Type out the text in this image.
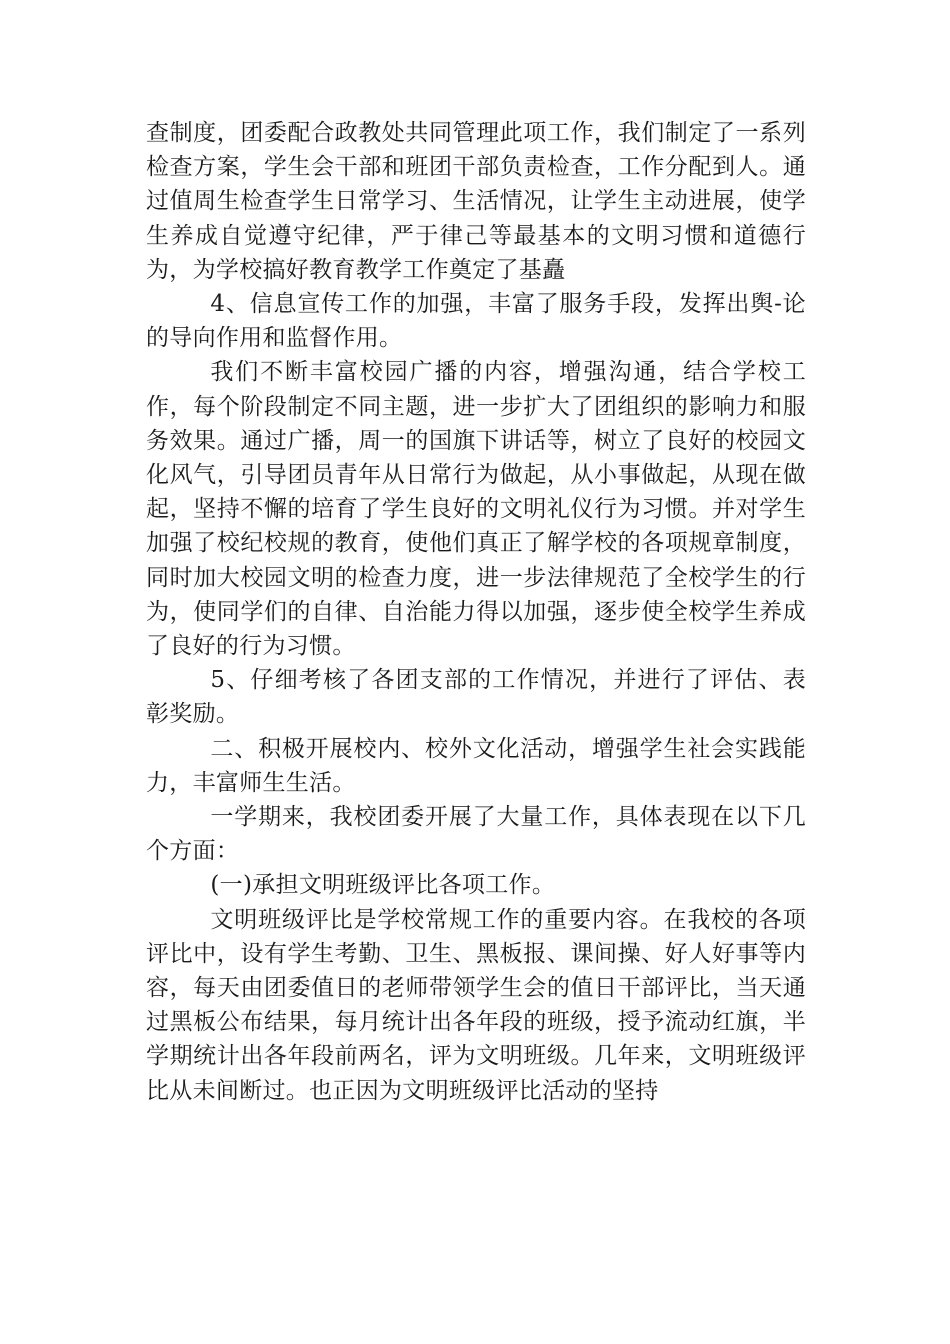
查制度，团委配合政教处共同管理此项工作，我们制定了一系列检查方案，学生会干部和班团干部负责检查，工作分配到人。通过值周生检查学生日常学习、生活情况，让学生主动进展，使学生养成自觉遵守纪律，严于律己等最基本的文明习惯和道德行为，为学校搞好教育教学工作奠定了基矗

4、信息宣传工作的加强，丰富了服务手段，发挥出舆-论的导向作用和监督作用。

我们不断丰富校园广播的内容，增强沟通，结合学校工作，每个阶段制定不同主题，进一步扩大了团组织的影响力和服务效果。通过广播，周一的国旗下讲话等，树立了良好的校园文化风气，引导团员青年从日常行为做起，从小事做起，从现在做起，坚持不懈的培育了学生良好的文明礼仪行为习惯。并对学生加强了校纪校规的教育，使他们真正了解学校的各项规章制度，同时加大校园文明的检查力度，进一步法律规范了全校学生的行为，使同学们的自律、自治能力得以加强，逐步使全校学生养成了良好的行为习惯。

5、仔细考核了各团支部的工作情况，并进行了评估、表彰奖励。

二、积极开展校内、校外文化活动，增强学生社会实践能力，丰富师生生活。

一学期来，我校团委开展了大量工作，具体表现在以下几个方面：

(一)承担文明班级评比各项工作。

文明班级评比是学校常规工作的重要内容。在我校的各项评比中，设有学生考勤、卫生、黑板报、课间操、好人好事等内容，每天由团委值日的老师带领学生会的值日干部评比，当天通过黑板公布结果，每月统计出各年段的班级，授予流动红旗，半学期统计出各年段前两名，评为文明班级。几年来，文明班级评比从未间断过。也正因为文明班级评比活动的坚持
